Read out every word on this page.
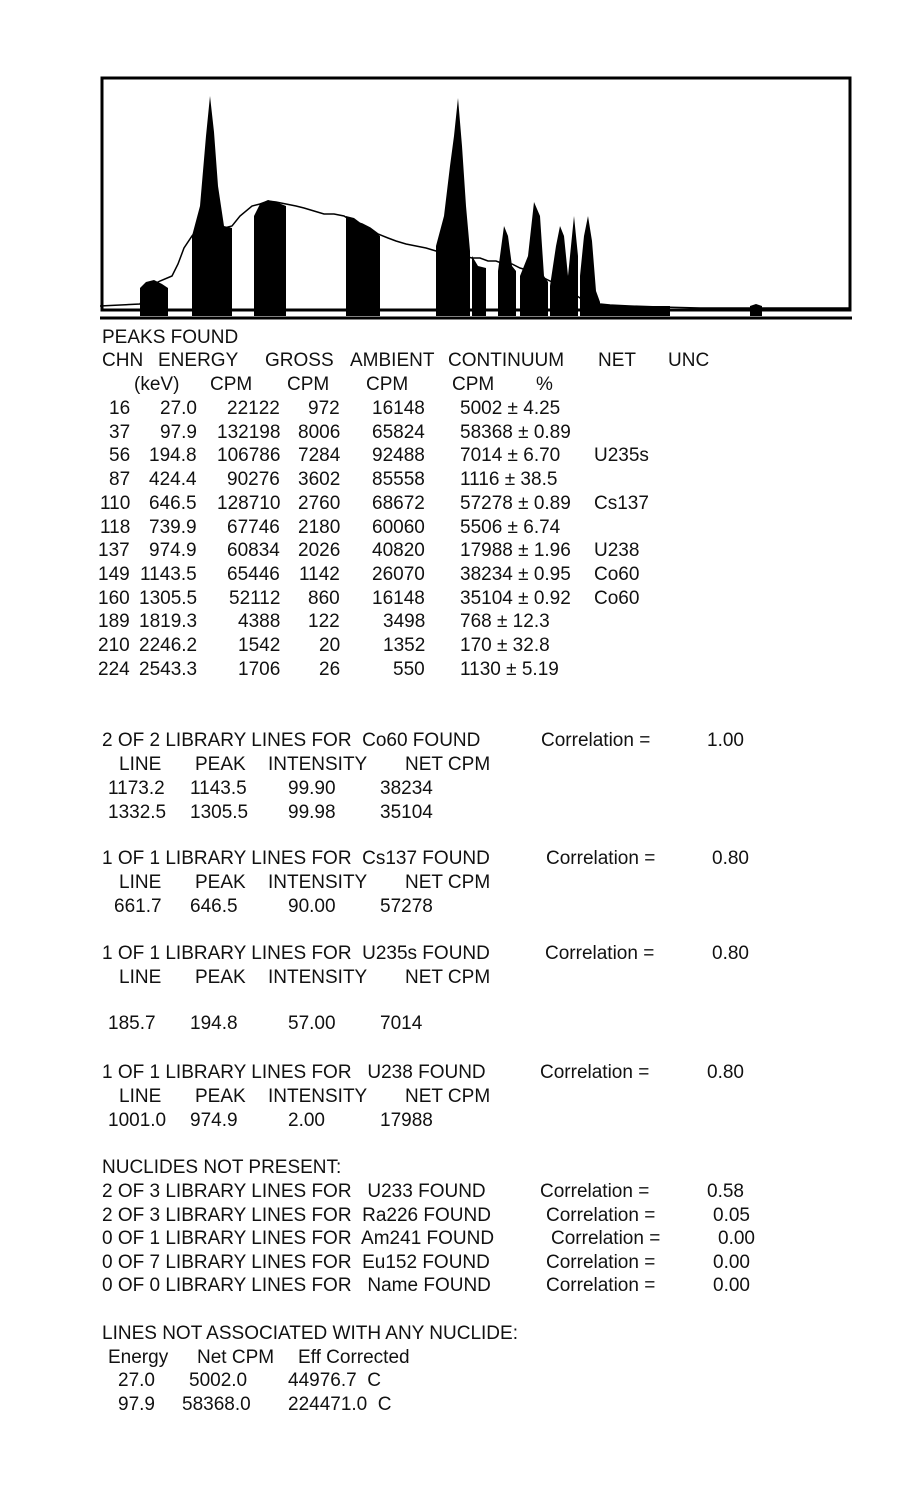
PEAKS FOUND
CHN ENERGY GROSS AMBIENT CONTINUUM NET UNC
(keV) CPM CPM CPM CPM %
16 27.0 22122 972 16148 5002 ± 4.25
37 97.9 132198 8006 65824 58368 ± 0.89
56 194.8 106786 7284 92488 7014 ± 6.70 U235s
87 424.4 90276 3602 85558 1116 ± 38.5
110 646.5 128710 2760 68672 57278 ± 0.89 Cs137
118 739.9 67746 2180 60060 5506 ± 6.74
137 974.9 60834 2026 40820 17988 ± 1.96 U238
149 1143.5 65446 1142 26070 38234 ± 0.95 Co60
160 1305.5 52112 860 16148 35104 ± 0.92 Co60
189 1819.3 4388 122 3498 768 ± 12.3
210 2246.2 1542 20 1352 170 ± 32.8
224 2543.3 1706 26	550 1130 ± 5.19
2 OF 2 LIBRARY LINES FOR  Co60 FOUND	Correlation =	1.00
LINE PEAK INTENSITY NET CPM
1173.2 1143.5 99.90 38234
1332.5 1305.5 99.98 35104
1 OF 1 LIBRARY LINES FOR  Cs137 FOUND	Correlation =	0.80
LINE PEAK INTENSITY NET CPM
661.7 646.5	90.00 57278
1 OF 1 LIBRARY LINES FOR  U235s FOUND	Correlation =	0.80
LINE PEAK INTENSITY NET CPM
185.7 194.8	57.00 7014
1 OF 1 LIBRARY LINES FOR   U238 FOUND	Correlation =	0.80
LINE PEAK INTENSITY NET CPM
1001.0 974.9	2.00	17988
NUCLIDES NOT PRESENT:
2 OF 3 LIBRARY LINES FOR   U233 FOUND	Correlation =	0.58
2 OF 3 LIBRARY LINES FOR  Ra226 FOUND	Correlation =	0.05
0 OF 1 LIBRARY LINES FOR  Am241 FOUND	Correlation =	0.00
0 OF 7 LIBRARY LINES FOR  Eu152 FOUND	Correlation =	0.00
0 OF 0 LIBRARY LINES FOR   Name FOUND	Correlation =	0.00
LINES NOT ASSOCIATED WITH ANY NUCLIDE:
Energy Net CPM Eff Corrected
27.0 5002.0 44976.7  C
97.9 58368.0 224471.0  C
